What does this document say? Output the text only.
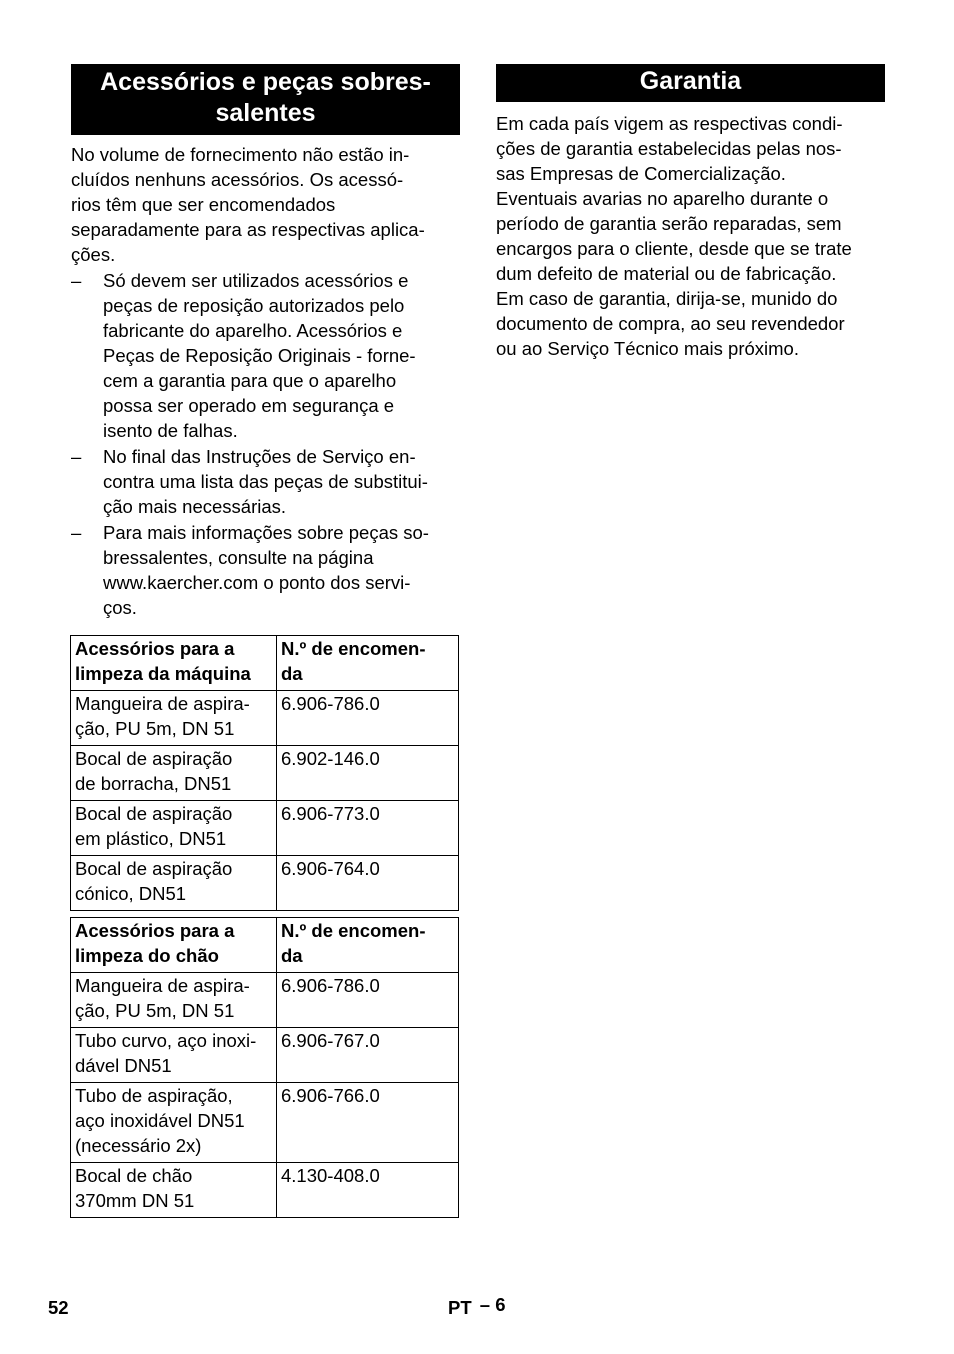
Acessórios e peças sobres-
salentes

No volume de fornecimento não estão in-
cluídos nenhuns acessórios. Os acessó-
rios têm que ser encomendados
separadamente para as respectivas aplica-
ções.

– Só devem ser utilizados acessórios e
peças de reposição autorizados pelo
fabricante do aparelho. Acessórios e
Peças de Reposição Originais - forne-
cem a garantia para que o aparelho
possa ser operado em segurança e
isento de falhas.
– No final das Instruções de Serviço en-
contra uma lista das peças de substitui-
ção mais necessárias.
– Para mais informações sobre peças so-
bressalentes, consulte na página
www.kaercher.com o ponto dos servi-
ços.
Acessórios para a
limpeza da máquina	N.º de encomen-
da
Mangueira de aspira-
ção, PU 5m, DN 51	6.906-786.0
Bocal de aspiração
de borracha, DN51	6.902-146.0
Bocal de aspiração
em plástico, DN51	6.906-773.0
Bocal de aspiração
cónico, DN51	6.906-764.0
Acessórios para a
limpeza do chão	N.º de encomen-
da
Mangueira de aspira-
ção, PU 5m, DN 51	6.906-786.0
Tubo curvo, aço inoxi-
dável DN51	6.906-767.0
Tubo de aspiração,
aço inoxidável DN51
(necessário 2x)	6.906-766.0
Bocal de chão
370mm DN 51	4.130-408.0
Garantia

Em cada país vigem as respectivas condi-
ções de garantia estabelecidas pelas nos-
sas Empresas de Comercialização.
Eventuais avarias no aparelho durante o
período de garantia serão reparadas, sem
encargos para o cliente, desde que se trate
dum defeito de material ou de fabricação.
Em caso de garantia, dirija-se, munido do
documento de compra, ao seu revendedor
ou ao Serviço Técnico mais próximo.

52	PT – 6
